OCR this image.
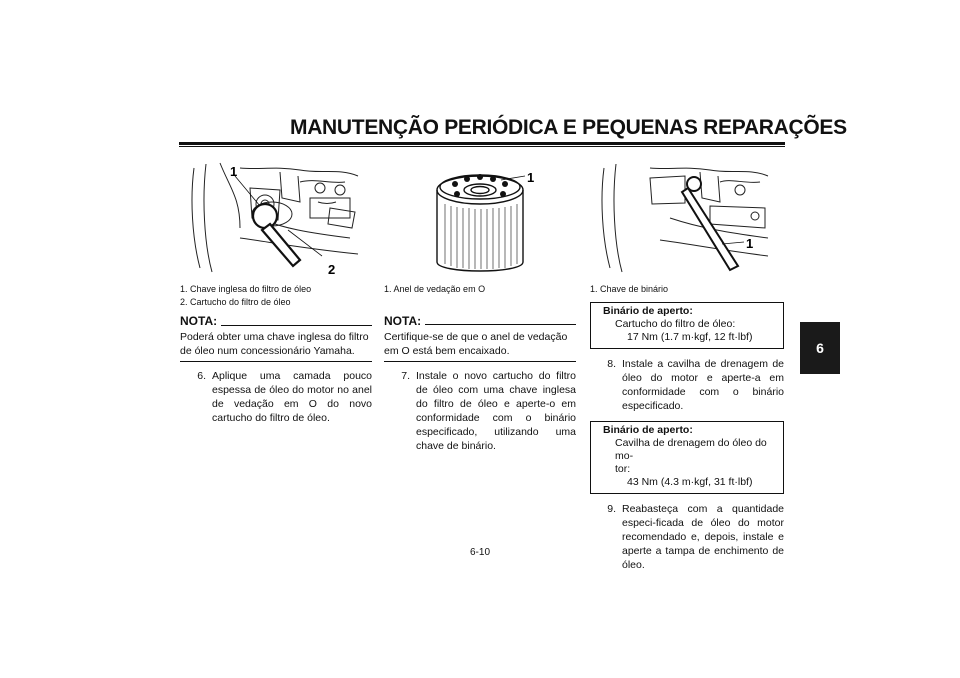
MANUTENÇÃO PERIÓDICA E PEQUENAS REPARAÇÕES
6
1
2
1. Chave inglesa do filtro de óleo
2. Cartucho do filtro de óleo
NOTA:
Poderá obter uma chave inglesa do filtro de óleo num concessionário Yamaha.
6. Aplique uma camada pouco espessa de óleo do motor no anel de vedação em O do novo cartucho do filtro de óleo.
1
1. Anel de vedação em O
NOTA:
Certifique-se de que o anel de vedação em O está bem encaixado.
7. Instale o novo cartucho do filtro de óleo com uma chave inglesa do filtro de óleo e aperte-o em conformidade com o binário especificado, utilizando uma chave de binário.
1
1. Chave de binário
Binário de aperto:
Cartucho do filtro de óleo:
17 Nm (1.7 m·kgf, 12 ft·lbf)
8. Instale a cavilha de drenagem de óleo do motor e aperte-a em conformidade com o binário especificado.
Binário de aperto:
Cavilha de drenagem do óleo do mo-
tor:
43 Nm (4.3 m·kgf, 31 ft·lbf)
9. Reabasteça com a quantidade especi-ficada de óleo do motor recomendado e, depois, instale e aperte a tampa de enchimento de óleo.
6-10
